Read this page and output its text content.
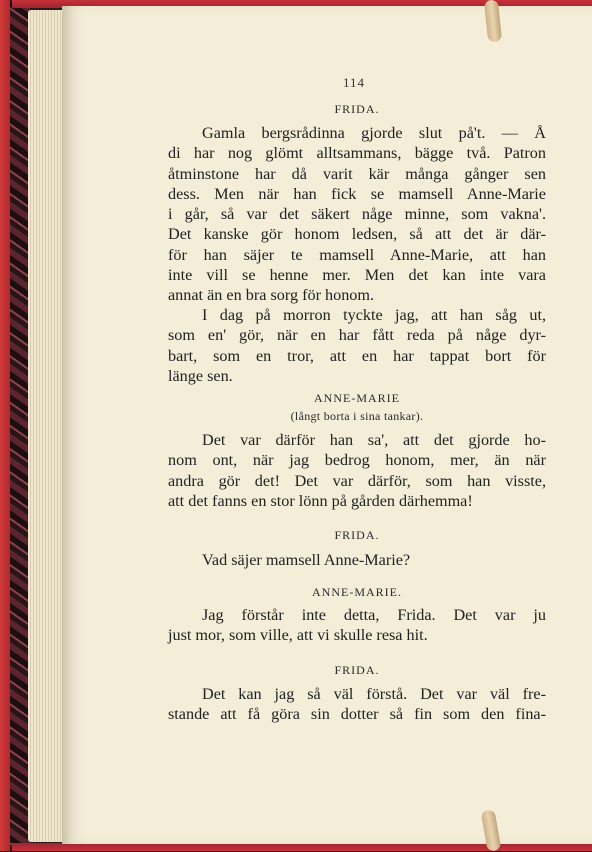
114
FRIDA.
Gamla bergsrådinna gjorde slut på't. — Å
di har nog glömt alltsammans, bägge två. Patron
åtminstone har då varit kär många gånger sen
dess. Men när han fick se mamsell Anne-Marie
i går, så var det säkert någe minne, som vakna'.
Det kanske gör honom ledsen, så att det är där-
för han säjer te mamsell Anne-Marie, att han
inte vill se henne mer. Men det kan inte vara
annat än en bra sorg för honom.
I dag på morron tyckte jag, att han såg ut,
som en' gör, när en har fått reda på någe dyr-
bart, som en tror, att en har tappat bort för
länge sen.
ANNE-MARIE
(långt borta i sina tankar).
Det var därför han sa', att det gjorde ho-
nom ont, när jag bedrog honom, mer, än när
andra gör det! Det var därför, som han visste,
att det fanns en stor lönn på gården därhemma!
FRIDA.
Vad säjer mamsell Anne-Marie?
ANNE-MARIE.
Jag förstår inte detta, Frida. Det var ju
just mor, som ville, att vi skulle resa hit.
FRIDA.
Det kan jag så väl förstå. Det var väl fre-
stande att få göra sin dotter så fin som den fina-
